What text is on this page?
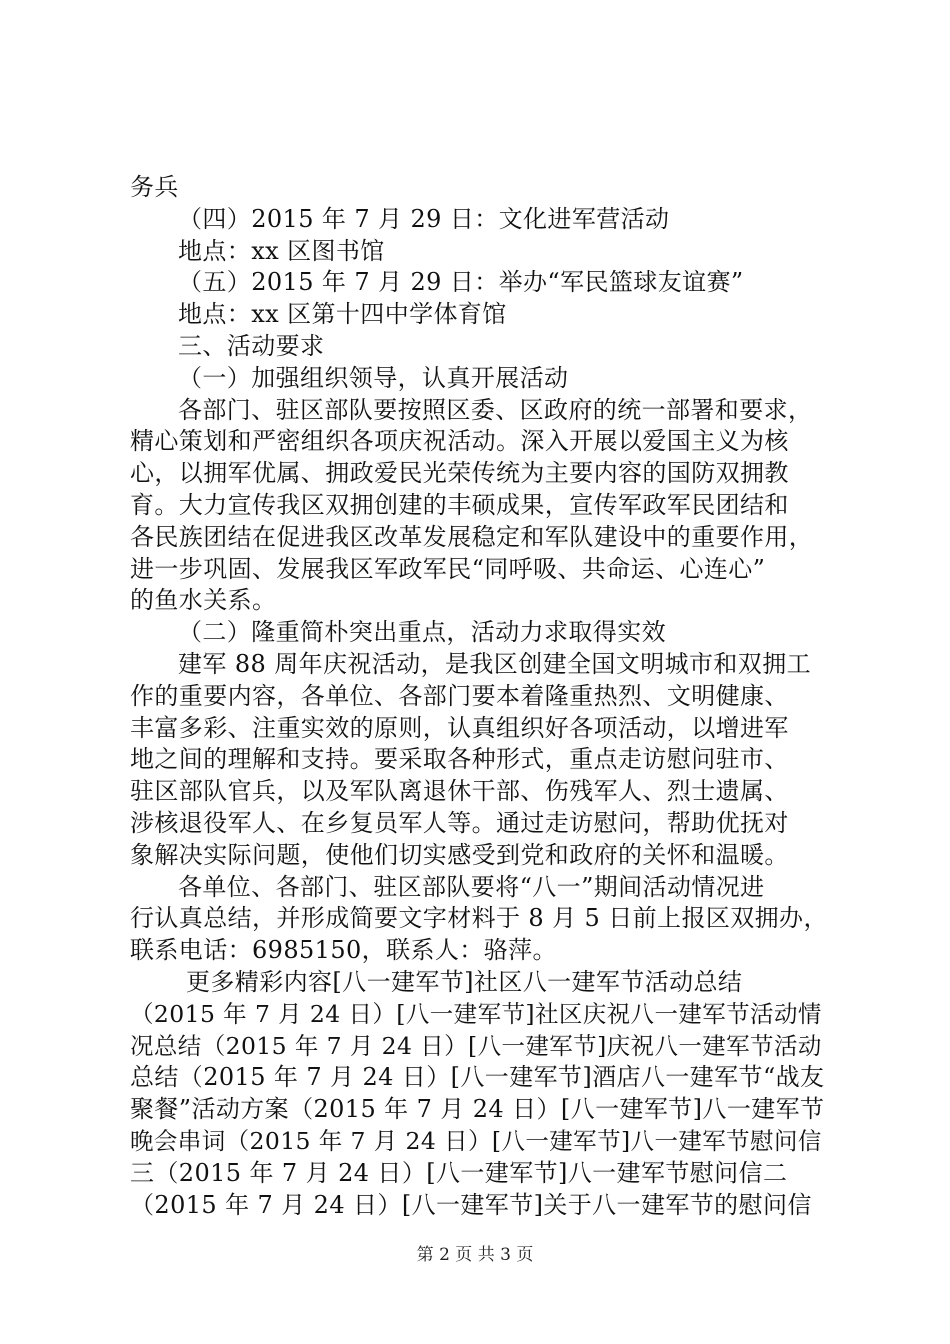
务兵
（四）2015 年 7 月 29 日：文化进军营活动
地点：xx 区图书馆
（五）2015 年 7 月 29 日：举办“军民篮球友谊赛”
地点：xx 区第十四中学体育馆
三、活动要求
（一）加强组织领导，认真开展活动
各部门、驻区部队要按照区委、区政府的统一部署和要求，
精心策划和严密组织各项庆祝活动。深入开展以爱国主义为核
心，以拥军优属、拥政爱民光荣传统为主要内容的国防双拥教
育。大力宣传我区双拥创建的丰硕成果，宣传军政军民团结和
各民族团结在促进我区改革发展稳定和军队建设中的重要作用，
进一步巩固、发展我区军政军民“同呼吸、共命运、心连心”
的鱼水关系。
（二）隆重简朴突出重点，活动力求取得实效
建军 88 周年庆祝活动，是我区创建全国文明城市和双拥工
作的重要内容，各单位、各部门要本着隆重热烈、文明健康、
丰富多彩、注重实效的原则，认真组织好各项活动，以增进军
地之间的理解和支持。要采取各种形式，重点走访慰问驻市、
驻区部队官兵，以及军队离退休干部、伤残军人、烈士遗属、
涉核退役军人、在乡复员军人等。通过走访慰问，帮助优抚对
象解决实际问题，使他们切实感受到党和政府的关怀和温暖。
各单位、各部门、驻区部队要将“八一”期间活动情况进
行认真总结，并形成简要文字材料于 8 月 5 日前上报区双拥办，
联系电话：6985150，联系人：骆萍。
更多精彩内容[八一建军节]社区八一建军节活动总结
（2015 年 7 月 24 日）[八一建军节]社区庆祝八一建军节活动情
况总结（2015 年 7 月 24 日）[八一建军节]庆祝八一建军节活动
总结（2015 年 7 月 24 日）[八一建军节]酒店八一建军节“战友
聚餐”活动方案（2015 年 7 月 24 日）[八一建军节]八一建军节
晚会串词（2015 年 7 月 24 日）[八一建军节]八一建军节慰问信
三（2015 年 7 月 24 日）[八一建军节]八一建军节慰问信二
（2015 年 7 月 24 日）[八一建军节]关于八一建军节的慰问信
第 2 页 共 3 页
